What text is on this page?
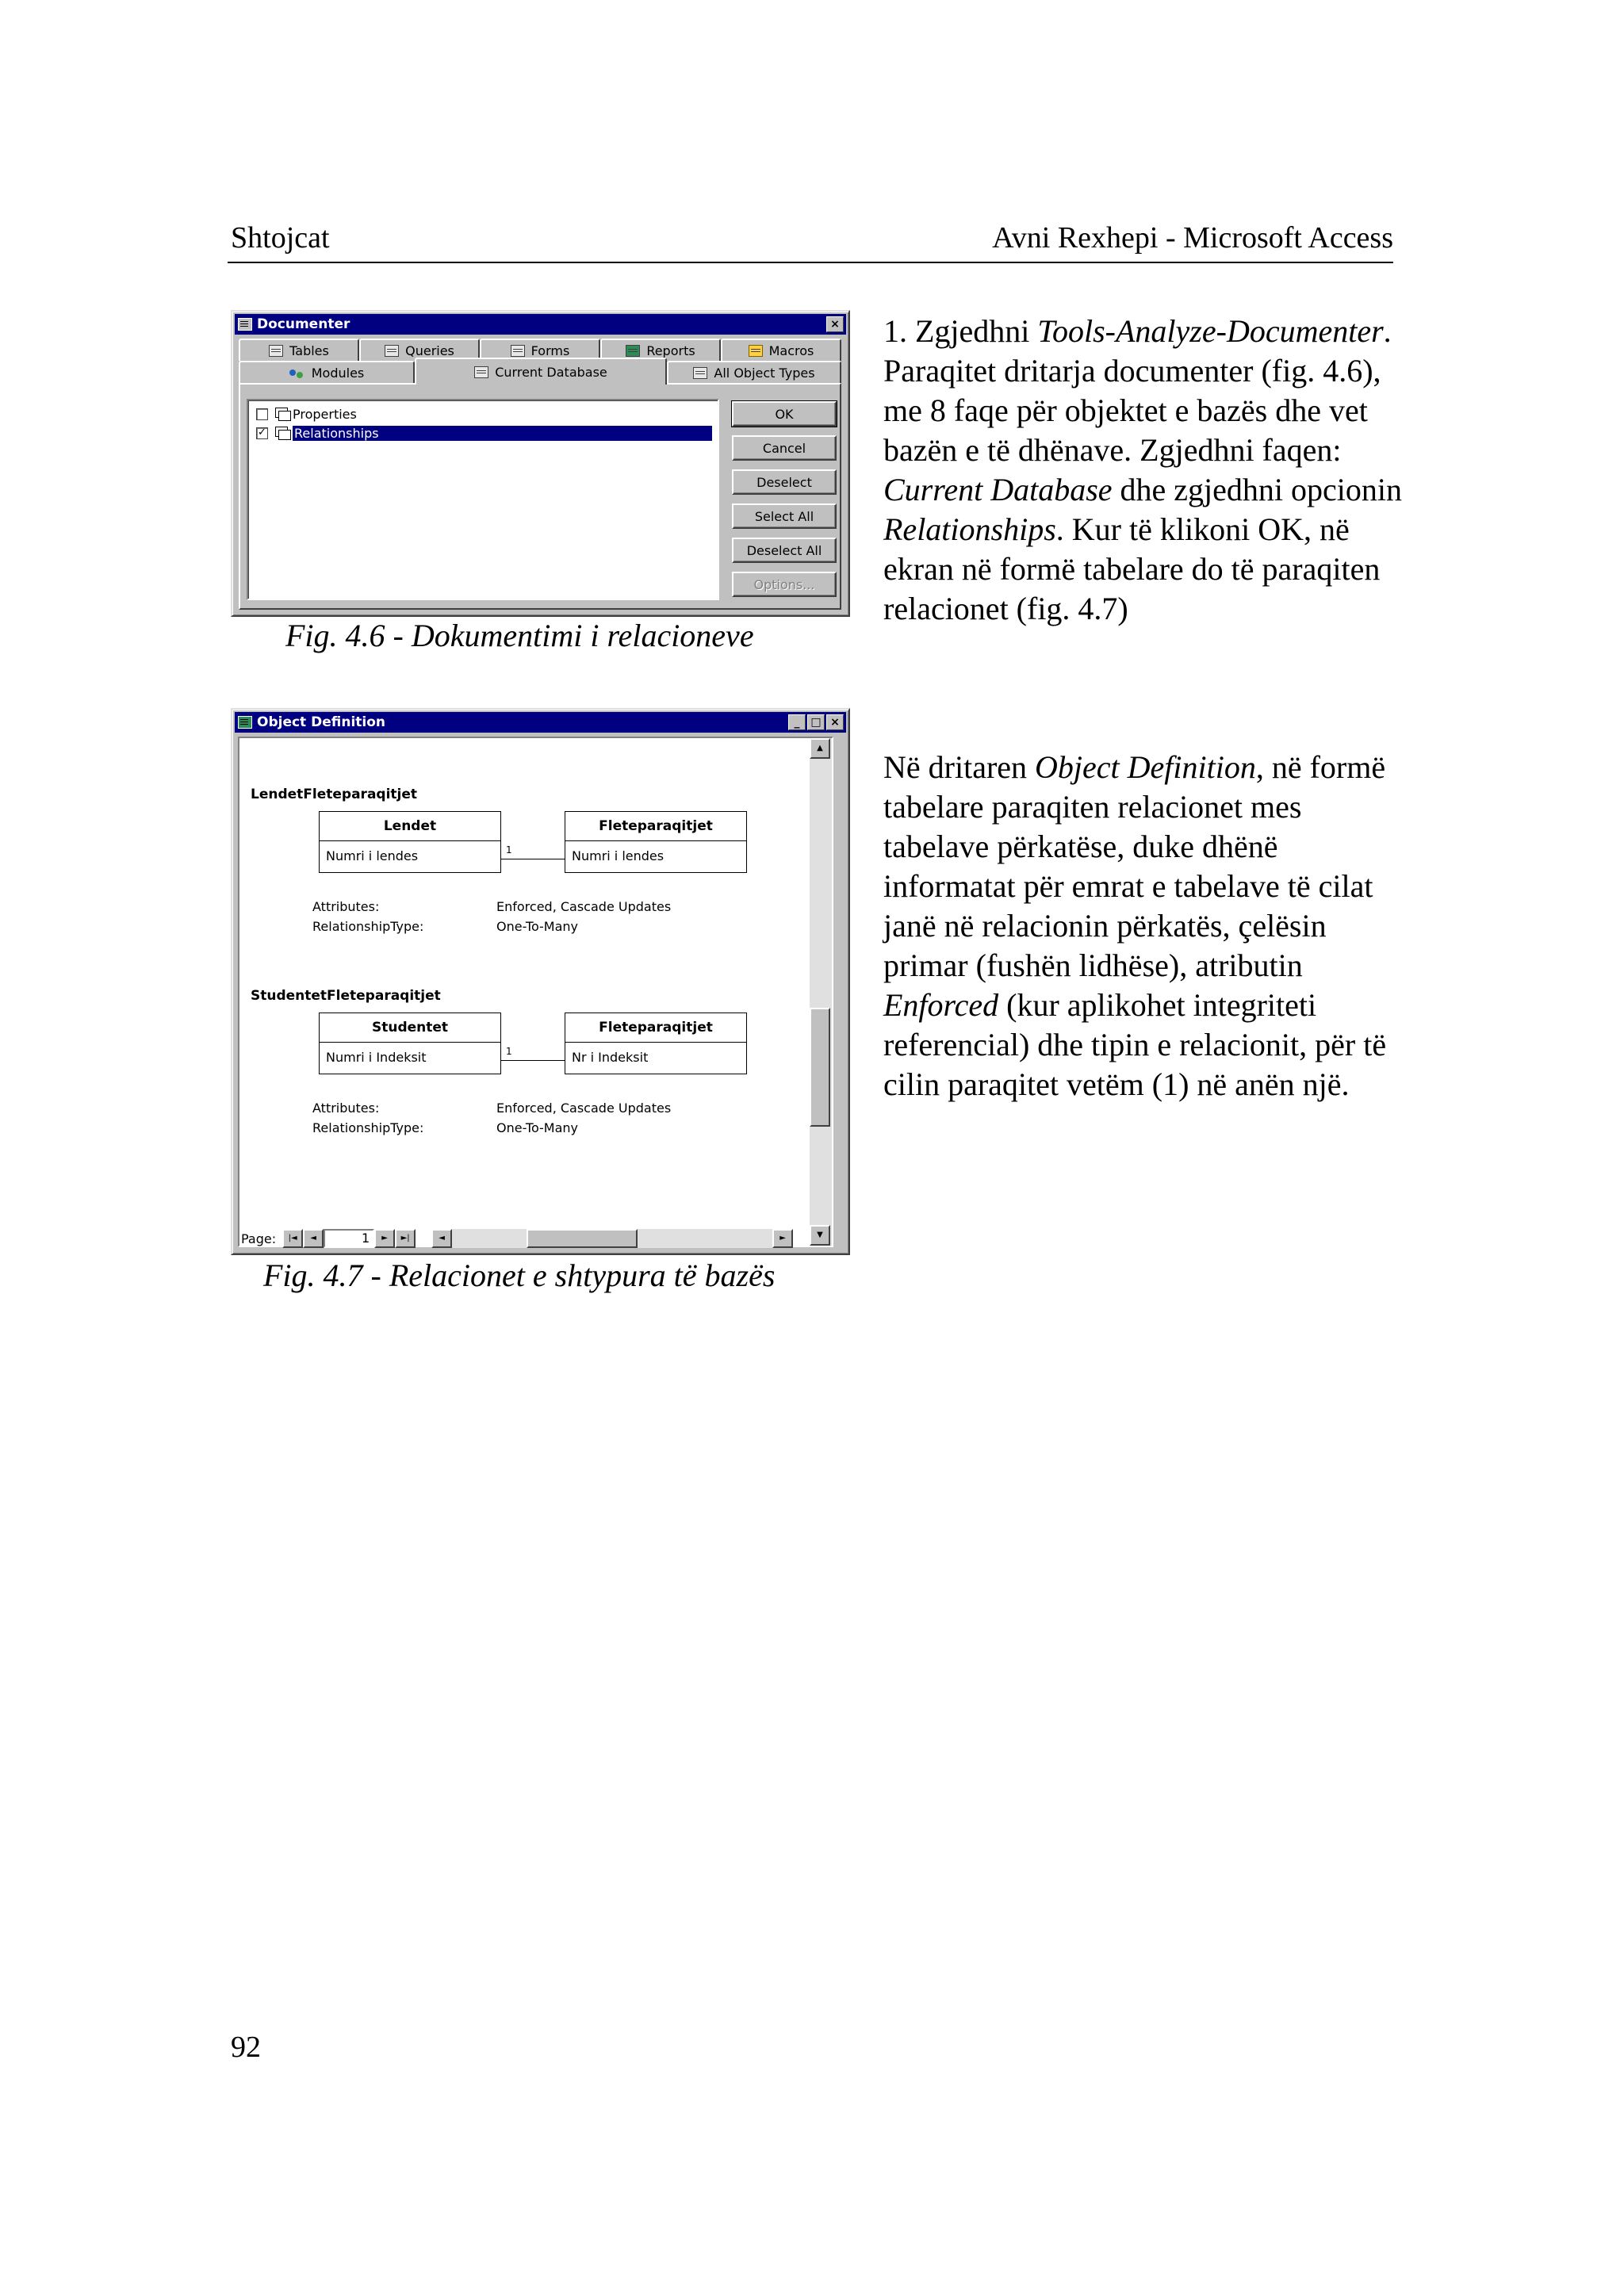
Shtojcat	Avni Rexhepi - Microsoft Access
Documenter	×
Tables	Queries	Forms	Reports	Macros
Modules	Current Database	All Object Types
Properties
✓ Relationships
OK
Cancel
Deselect
Select All
Deselect All
Options...
Fig. 4.6 - Dokumentimi i relacioneve
1. Zgjedhni Tools-Analyze-Documenter. Paraqitet dritarja documenter (fig. 4.6), me 8 faqe për objektet e bazës dhe vet bazën e të dhënave. Zgjedhni faqen: Current Database dhe zgjedhni opcionin Relationships. Kur të klikoni OK, në ekran në formë tabelare do të paraqiten relacionet (fig. 4.7)
Object Definition	_ □ ×
LendetFleteparaqitjet
Lendet
Numri i lendes	1
Fleteparaqitjet
Numri i lendes
Attributes:	Enforced, Cascade Updates
RelationshipType:	One-To-Many
StudentetFleteparaqitjet
Studentet
Numri i Indeksit	1
Fleteparaqitjet
Nr i Indeksit
Attributes:	Enforced, Cascade Updates
RelationshipType:	One-To-Many
▲
▼
Page:	|◄	◄	1	►	►|	◄	►
Fig. 4.7 - Relacionet e shtypura të bazës
Në dritaren Object Definition, në formë tabelare paraqiten relacionet mes tabelave përkatëse, duke dhënë informatat për emrat e tabelave të cilat janë në relacionin përkatës, çelësin primar (fushën lidhëse), atributin Enforced (kur aplikohet integriteti referencial) dhe tipin e relacionit, për të cilin paraqitet vetëm (1) në anën një.
92
